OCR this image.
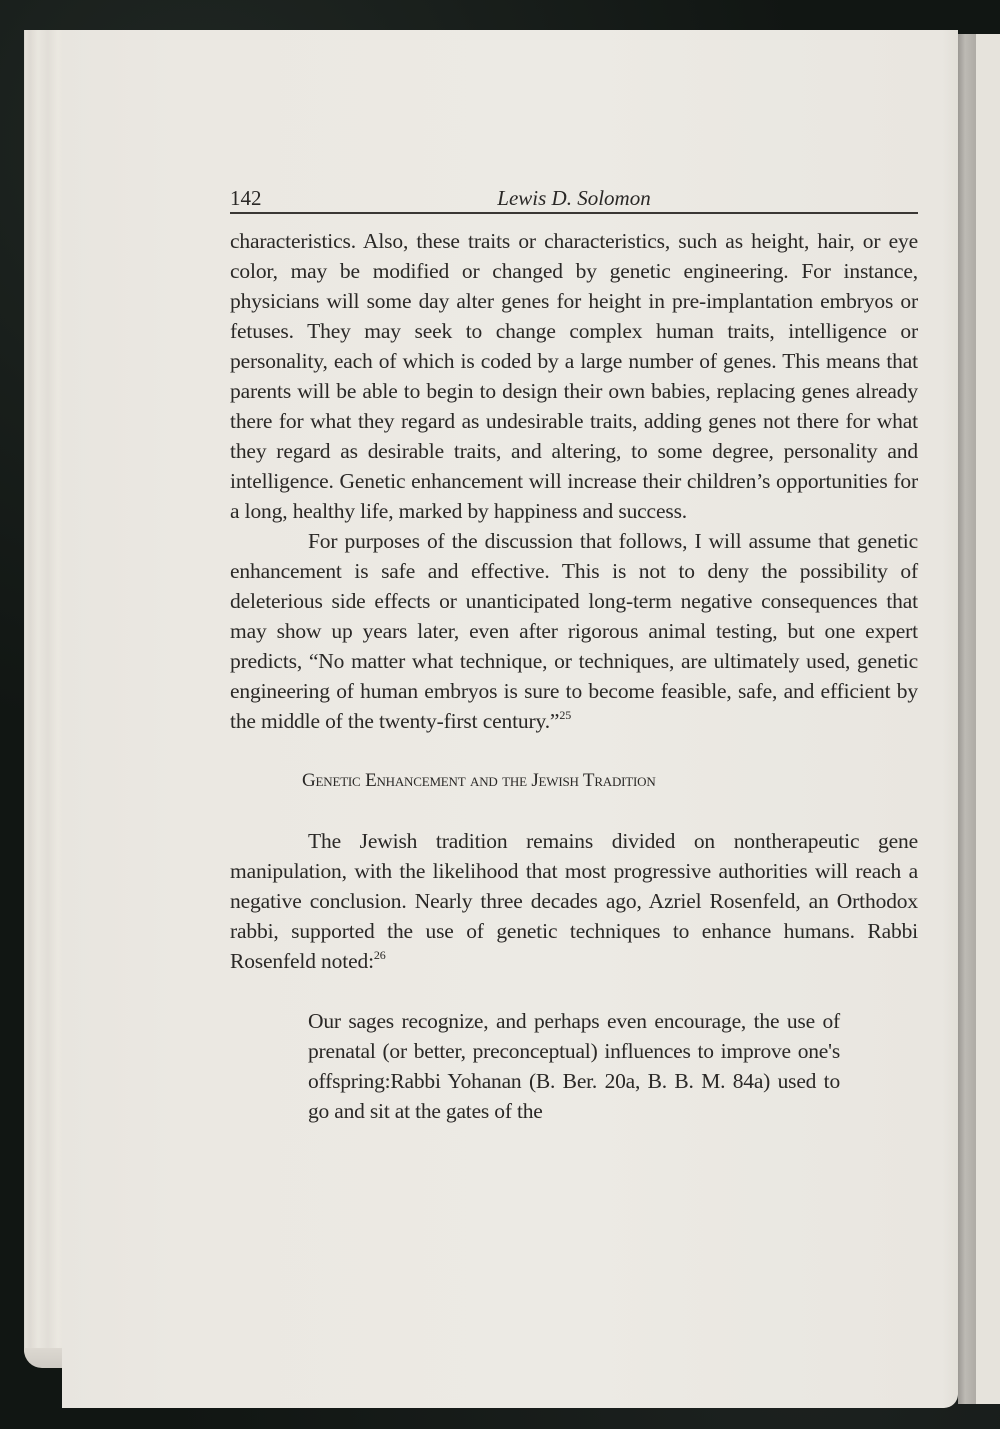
142	Lewis D. Solomon

characteristics. Also, these traits or characteristics, such as height, hair, or eye color, may be modified or changed by genetic engineering. For instance, physicians will some day alter genes for height in pre-implantation embryos or fetuses. They may seek to change complex human traits, intelligence or personality, each of which is coded by a large number of genes. This means that parents will be able to begin to design their own babies, replacing genes already there for what they regard as undesirable traits, adding genes not there for what they regard as desirable traits, and altering, to some degree, personality and intelligence. Genetic enhancement will increase their children’s opportunities for a long, healthy life, marked by happiness and success.

For purposes of the discussion that follows, I will assume that genetic enhancement is safe and effective. This is not to deny the possibility of deleterious side effects or unanticipated long-term negative consequences that may show up years later, even after rigorous animal testing, but one expert predicts, “No matter what technique, or techniques, are ultimately used, genetic engineering of human embryos is sure to become feasible, safe, and efficient by the middle of the twenty-first century.”$^{25}$

Genetic Enhancement and the Jewish Tradition

The Jewish tradition remains divided on nontherapeutic gene manipulation, with the likelihood that most progressive authorities will reach a negative conclusion. Nearly three decades ago, Azriel Rosenfeld, an Orthodox rabbi, supported the use of genetic techniques to enhance humans. Rabbi Rosenfeld noted:$^{26}$

Our sages recognize, and perhaps even encourage, the use of prenatal (or better, preconceptual) influences to improve one's offspring:Rabbi Yohanan (B. Ber. 20a, B. B. M. 84a) used to go and sit at the gates of the
